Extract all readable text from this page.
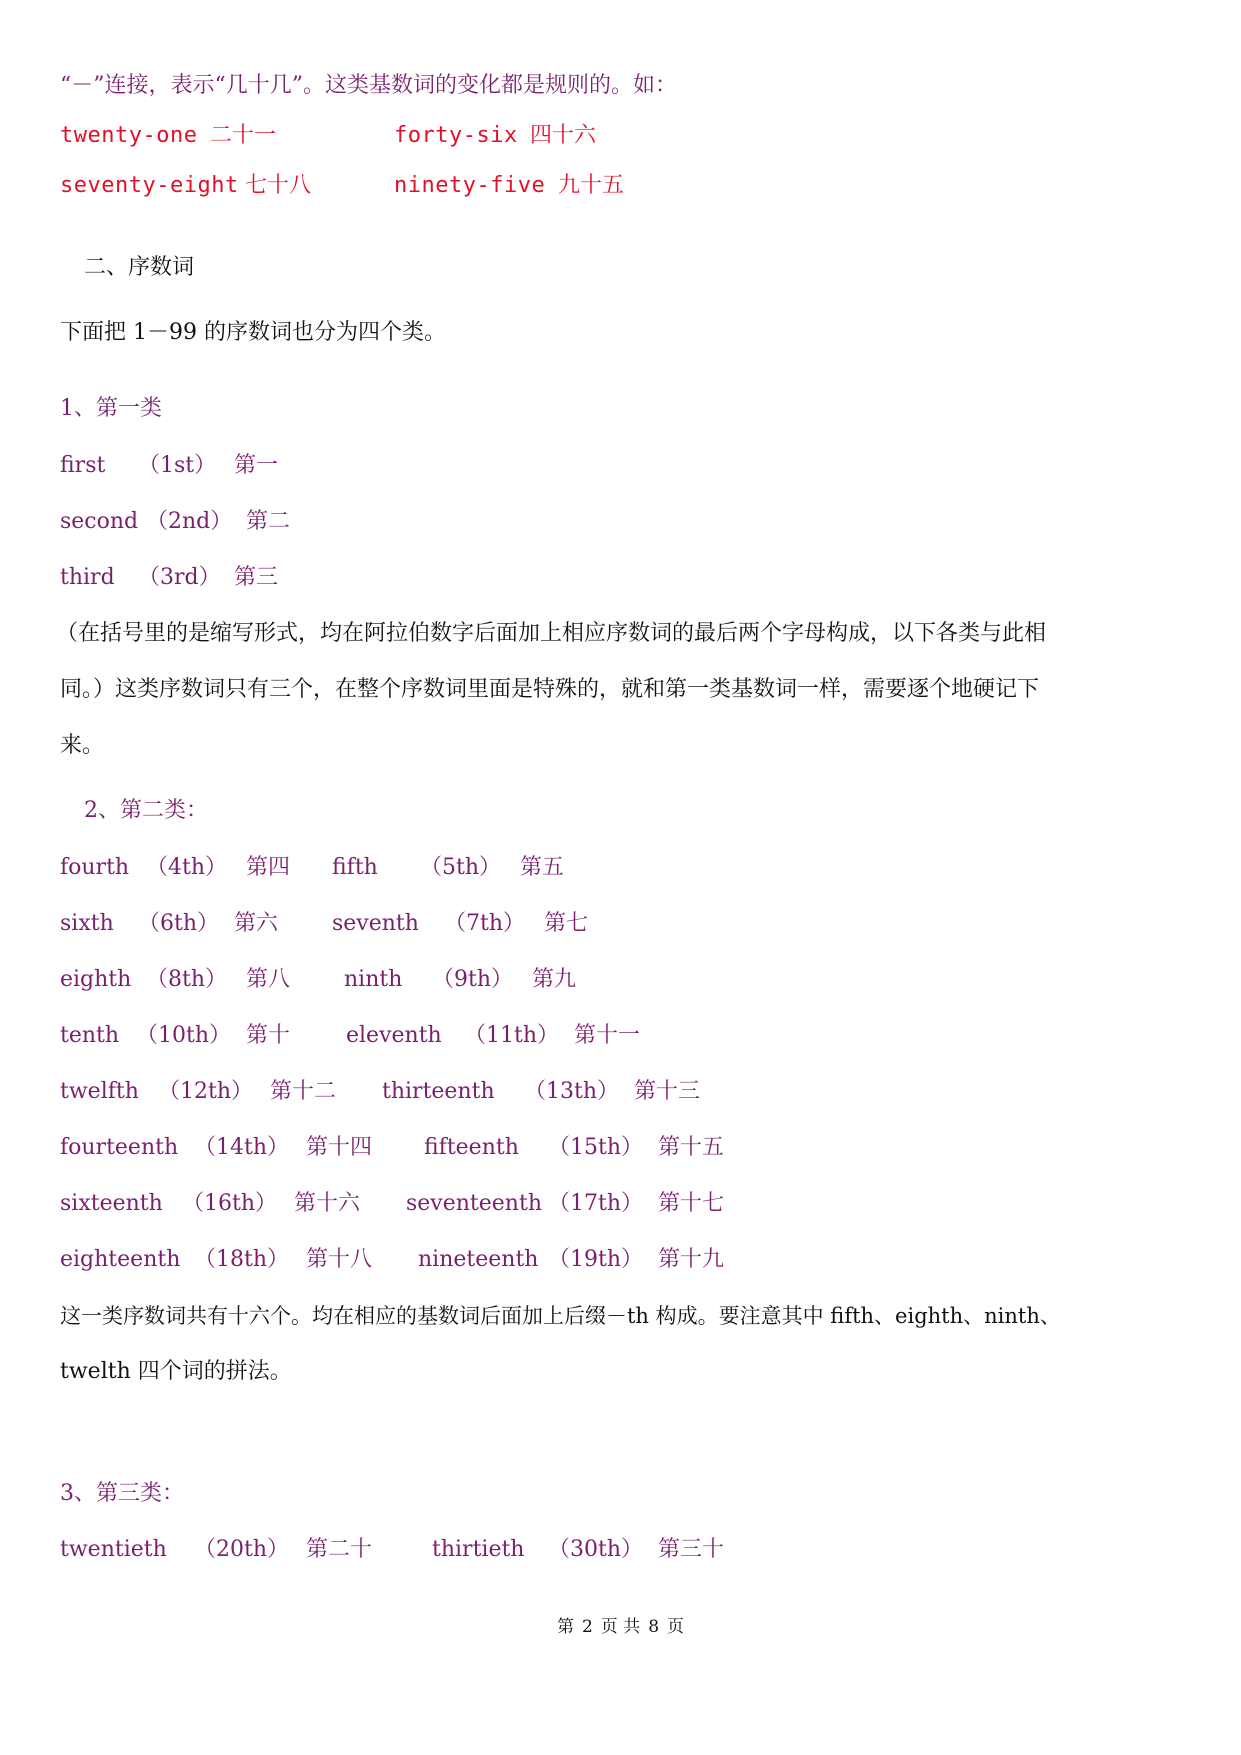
“－”连接，表示“几十几”。这类基数词的变化都是规则的。如：
twenty-one 二十一	forty-six 四十六
seventy-eight 七十八	ninety-five 九十五
二、序数词
下面把 1－99 的序数词也分为四个类。
1、第一类
first （1st） 第一
second （2nd） 第二
third （3rd） 第三
（在括号里的是缩写形式，均在阿拉伯数字后面加上相应序数词的最后两个字母构成，以下各类与此相
同。）这类序数词只有三个，在整个序数词里面是特殊的，就和第一类基数词一样，需要逐个地硬记下
来。
2、第二类：
fourth （4th） 第四 fifth （5th） 第五
sixth （6th） 第六 seventh （7th） 第七
eighth （8th） 第八 ninth （9th） 第九
tenth （10th） 第十	eleventh （11th） 第十一
twelfth （12th） 第十二 thirteenth （13th） 第十三
fourteenth （14th） 第十四 fifteenth （15th） 第十五
sixteenth （16th） 第十六 seventeenth （17th） 第十七
eighteenth （18th） 第十八 nineteenth （19th） 第十九
这一类序数词共有十六个。均在相应的基数词后面加上后缀－th 构成。要注意其中 fifth、eighth、ninth、
twelth 四个词的拼法。
3、第三类：
twentieth （20th） 第二十	thirtieth （30th） 第三十
第 2 页 共 8 页
